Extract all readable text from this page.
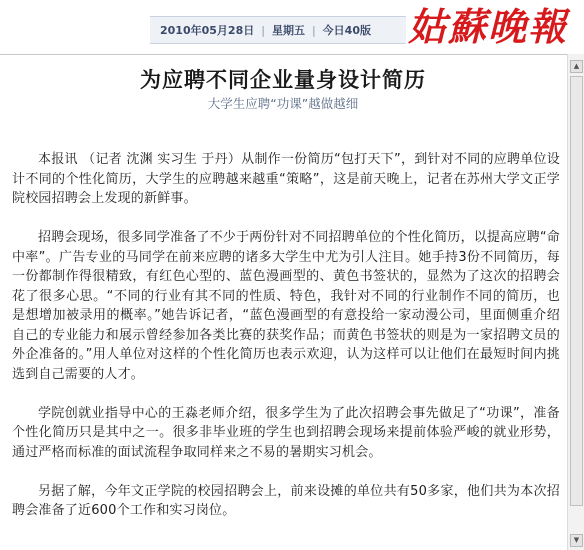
2010年05月28日 | 星期五 | 今日40版 姑蘇晚報
▲
▼
为应聘不同企业量身设计简历
大学生应聘“功课”越做越细

本报讯 （记者 沈渊 实习生 于丹）从制作一份简历“包打天下”，到针对不同的应聘单位设计不同的个性化简历，大学生的应聘越来越重“策略”，这是前天晚上，记者在苏州大学文正学院校园招聘会上发现的新鲜事。

招聘会现场，很多同学准备了不少于两份针对不同招聘单位的个性化简历，以提高应聘“命中率”。广告专业的马同学在前来应聘的诸多大学生中尤为引人注目。她手持3份不同简历，每一份都制作得很精致，有红色心型的、蓝色漫画型的、黄色书签状的，显然为了这次的招聘会花了很多心思。“不同的行业有其不同的性质、特色，我针对不同的行业制作不同的简历，也是想增加被录用的概率。”她告诉记者，“蓝色漫画型的有意投给一家动漫公司，里面侧重介绍自己的专业能力和展示曾经参加各类比赛的获奖作品；而黄色书签状的则是为一家招聘文员的外企准备的。”用人单位对这样的个性化简历也表示欢迎，认为这样可以让他们在最短时间内挑选到自己需要的人才。

学院创就业指导中心的王淼老师介绍，很多学生为了此次招聘会事先做足了“功课”，准备个性化简历只是其中之一。很多非毕业班的学生也到招聘会现场来提前体验严峻的就业形势，通过严格而标准的面试流程争取同样来之不易的暑期实习机会。

另据了解，今年文正学院的校园招聘会上，前来设摊的单位共有50多家，他们共为本次招聘会准备了近600个工作和实习岗位。
